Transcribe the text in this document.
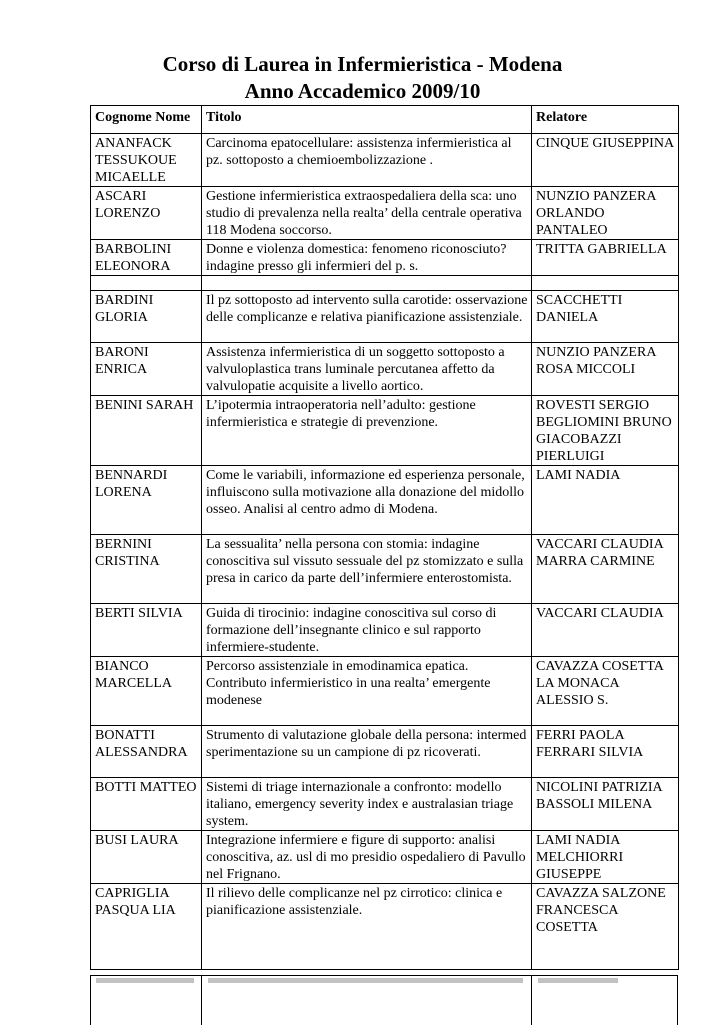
Corso di Laurea in Infermieristica - Modena
Anno Accademico 2009/10
Cognome Nome	Titolo	Relatore
ANANFACK TESSUKOUE MICAELLE	Carcinoma epatocellulare: assistenza infermieristica al pz. sottoposto a chemioembolizzazione .	CINQUE GIUSEPPINA
ASCARI LORENZO	Gestione infermieristica extraospedaliera della sca: uno studio di prevalenza nella realta’ della centrale operativa 118 Modena soccorso.	NUNZIO PANZERA ORLANDO PANTALEO
BARBOLINI ELEONORA	Donne e violenza domestica: fenomeno riconosciuto? indagine presso gli infermieri del p. s.	TRITTA GABRIELLA

BARDINI GLORIA	Il pz sottoposto ad intervento sulla carotide: osservazione delle complicanze e relativa pianificazione assistenziale.	SCACCHETTI DANIELA
BARONI ENRICA	Assistenza infermieristica di un soggetto sottoposto a valvuloplastica trans luminale percutanea affetto da valvulopatie acquisite a livello aortico.	NUNZIO PANZERA ROSA MICCOLI
BENINI SARAH	L’ipotermia intraoperatoria nell’adulto: gestione infermieristica e strategie di prevenzione.	ROVESTI SERGIO BEGLIOMINI BRUNO GIACOBAZZI PIERLUIGI
BENNARDI LORENA	Come le variabili, informazione ed esperienza personale, influiscono sulla motivazione alla donazione del midollo osseo. Analisi al centro admo di Modena.	LAMI NADIA
BERNINI CRISTINA	La sessualita’ nella persona con stomia: indagine conoscitiva sul vissuto sessuale del pz stomizzato e sulla presa in carico da parte dell’infermiere enterostomista.	VACCARI CLAUDIA MARRA CARMINE
BERTI SILVIA	Guida di tirocinio: indagine conoscitiva sul corso di formazione dell’insegnante clinico e sul rapporto infermiere-studente.	VACCARI CLAUDIA
BIANCO MARCELLA	Percorso assistenziale in emodinamica epatica. Contributo infermieristico in una realta’ emergente modenese	CAVAZZA COSETTA LA MONACA ALESSIO S.
BONATTI ALESSANDRA	Strumento di valutazione globale della persona: intermed sperimentazione su un campione di pz ricoverati.	FERRI PAOLA FERRARI SILVIA
BOTTI MATTEO	Sistemi di triage internazionale a confronto: modello italiano, emergency severity index e australasian triage system.	NICOLINI PATRIZIA BASSOLI MILENA
BUSI LAURA	Integrazione infermiere e figure di supporto: analisi conoscitiva, az. usl di mo presidio ospedaliero di Pavullo nel Frignano.	LAMI NADIA MELCHIORRI GIUSEPPE
CAPRIGLIA PASQUA LIA	Il rilievo delle complicanze nel pz cirrotico: clinica e pianificazione assistenziale.	CAVAZZA SALZONE FRANCESCA COSETTA
